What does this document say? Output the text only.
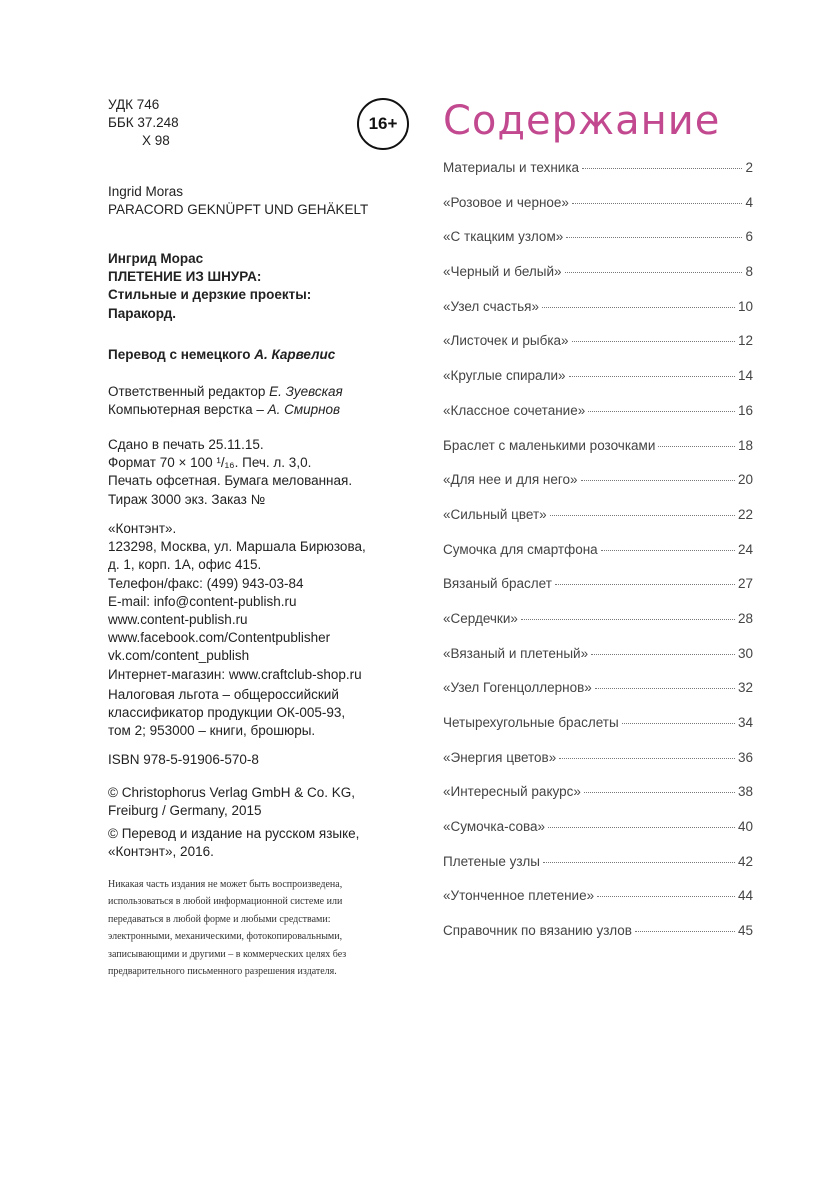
УДК 746
ББК 37.248
Х 98
16+
Ingrid Moras
PARACORD GEKNÜPFT UND GEHÄKELT
Ингрид Морас
ПЛЕТЕНИЕ ИЗ ШНУРА:
Стильные и дерзкие проекты:
Паракорд.
Перевод с немецкого А. Карвелис
Ответственный редактор Е. Зуевская
Компьютерная верстка – А. Смирнов
Сдано в печать 25.11.15.
Формат 70 × 100 ¹/₁₆. Печ. л. 3,0.
Печать офсетная. Бумага мелованная.
Тираж 3000 экз. Заказ №
«Контэнт».
123298, Москва, ул. Маршала Бирюзова,
д. 1, корп. 1А, офис 415.
Телефон/факс: (499) 943-03-84
E-mail: info@content-publish.ru
www.content-publish.ru
www.facebook.com/Contentpublisher
vk.com/content_publish
Интернет-магазин: www.craftclub-shop.ru
Налоговая льгота – общероссийский
классификатор продукции ОК-005-93,
том 2; 953000 – книги, брошюры.
ISBN 978-5-91906-570-8
© Christophorus Verlag GmbH & Co. KG,
Freiburg / Germany, 2015
© Перевод и издание на русском языке,
«Контэнт», 2016.
Никакая часть издания не может быть воспроизведена,
использоваться в любой информационной системе или
передаваться в любой форме и любыми средствами:
электронными, механическими, фотокопировальными,
записывающими и другими – в коммерческих целях без
предварительного письменного разрешения издателя.
Содержание
Материалы и техника	2
«Розовое и черное»	4
«С ткацким узлом»	6
«Черный и белый»	8
«Узел счастья»	10
«Листочек и рыбка»	12
«Круглые спирали»	14
«Классное сочетание»	16
Браслет с маленькими розочками	18
«Для нее и для него»	20
«Сильный цвет»	22
Сумочка для смартфона	24
Вязаный браслет	27
«Сердечки»	28
«Вязаный и плетеный»	30
«Узел Гогенцоллернов»	32
Четырехугольные браслеты	34
«Энергия цветов»	36
«Интересный ракурс»	38
«Сумочка-сова»	40
Плетеные узлы	42
«Утонченное плетение»	44
Справочник по вязанию узлов	45
